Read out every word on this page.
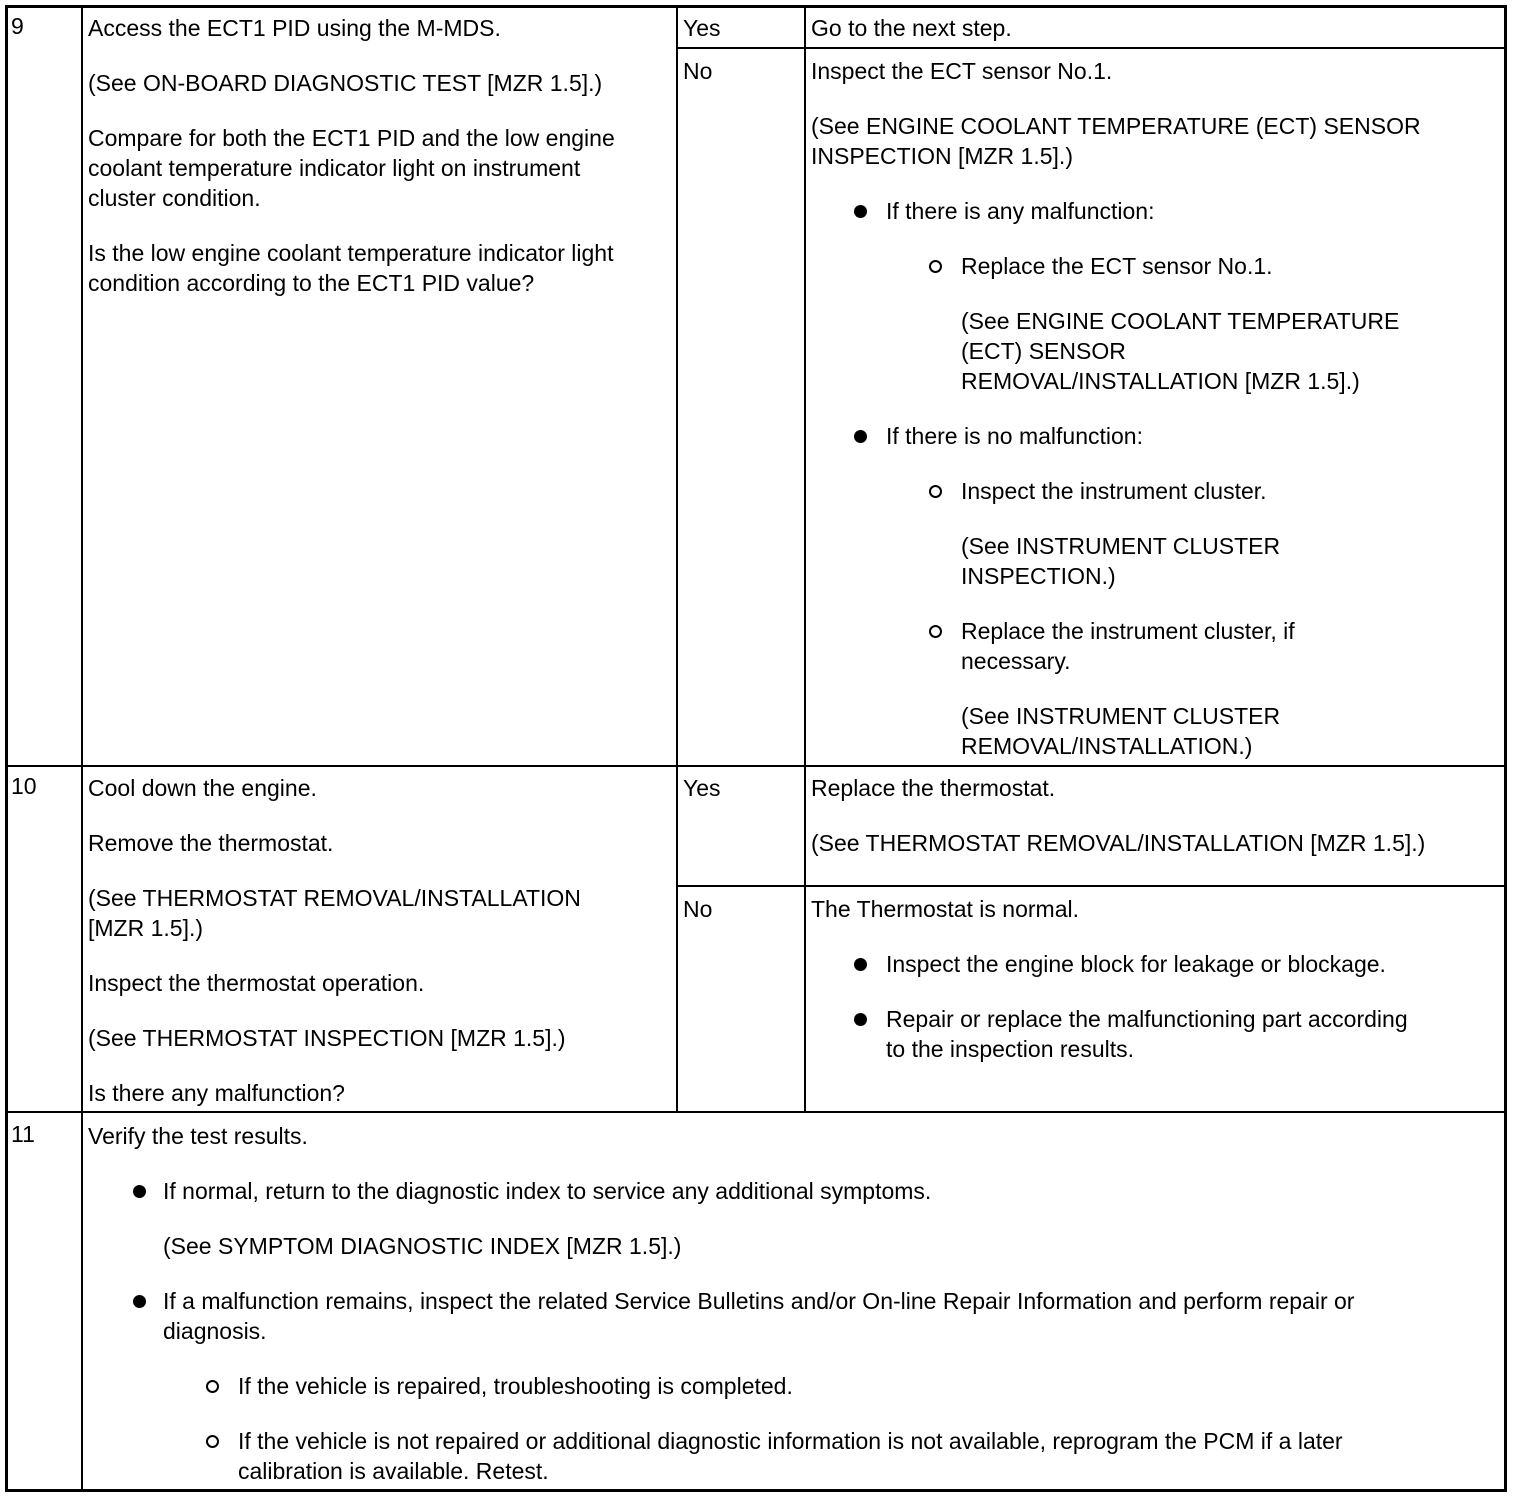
9	Access the ECT1 PID using the M-MDS.

(See ON-BOARD DIAGNOSTIC TEST [MZR 1.5].)

Compare for both the ECT1 PID and the low engine
coolant temperature indicator light on instrument
cluster condition.

Is the low engine coolant temperature indicator light
condition according to the ECT1 PID value?

Yes	Go to the next step.
No	Inspect the ECT sensor No.1.

(See ENGINE COOLANT TEMPERATURE (ECT) SENSOR
INSPECTION [MZR 1.5].)

If there is any malfunction:

Replace the ECT sensor No.1.

(See ENGINE COOLANT TEMPERATURE
(ECT) SENSOR
REMOVAL/INSTALLATION [MZR 1.5].)

If there is no malfunction:

Inspect the instrument cluster.

(See INSTRUMENT CLUSTER
INSPECTION.)

Replace the instrument cluster, if
necessary.

(See INSTRUMENT CLUSTER
REMOVAL/INSTALLATION.)

10 Cool down the engine.

Remove the thermostat.

(See THERMOSTAT REMOVAL/INSTALLATION
[MZR 1.5].)

Inspect the thermostat operation.

(See THERMOSTAT INSPECTION [MZR 1.5].)

Is there any malfunction?

Yes	Replace the thermostat.

(See THERMOSTAT REMOVAL/INSTALLATION [MZR 1.5].)

No	The Thermostat is normal.

Inspect the engine block for leakage or blockage.

Repair or replace the malfunctioning part according
to the inspection results.

11 Verify the test results.

If normal, return to the diagnostic index to service any additional symptoms.

(See SYMPTOM DIAGNOSTIC INDEX [MZR 1.5].)

If a malfunction remains, inspect the related Service Bulletins and/or On-line Repair Information and perform repair or
diagnosis.

If the vehicle is repaired, troubleshooting is completed.

If the vehicle is not repaired or additional diagnostic information is not available, reprogram the PCM if a later
calibration is available. Retest.
